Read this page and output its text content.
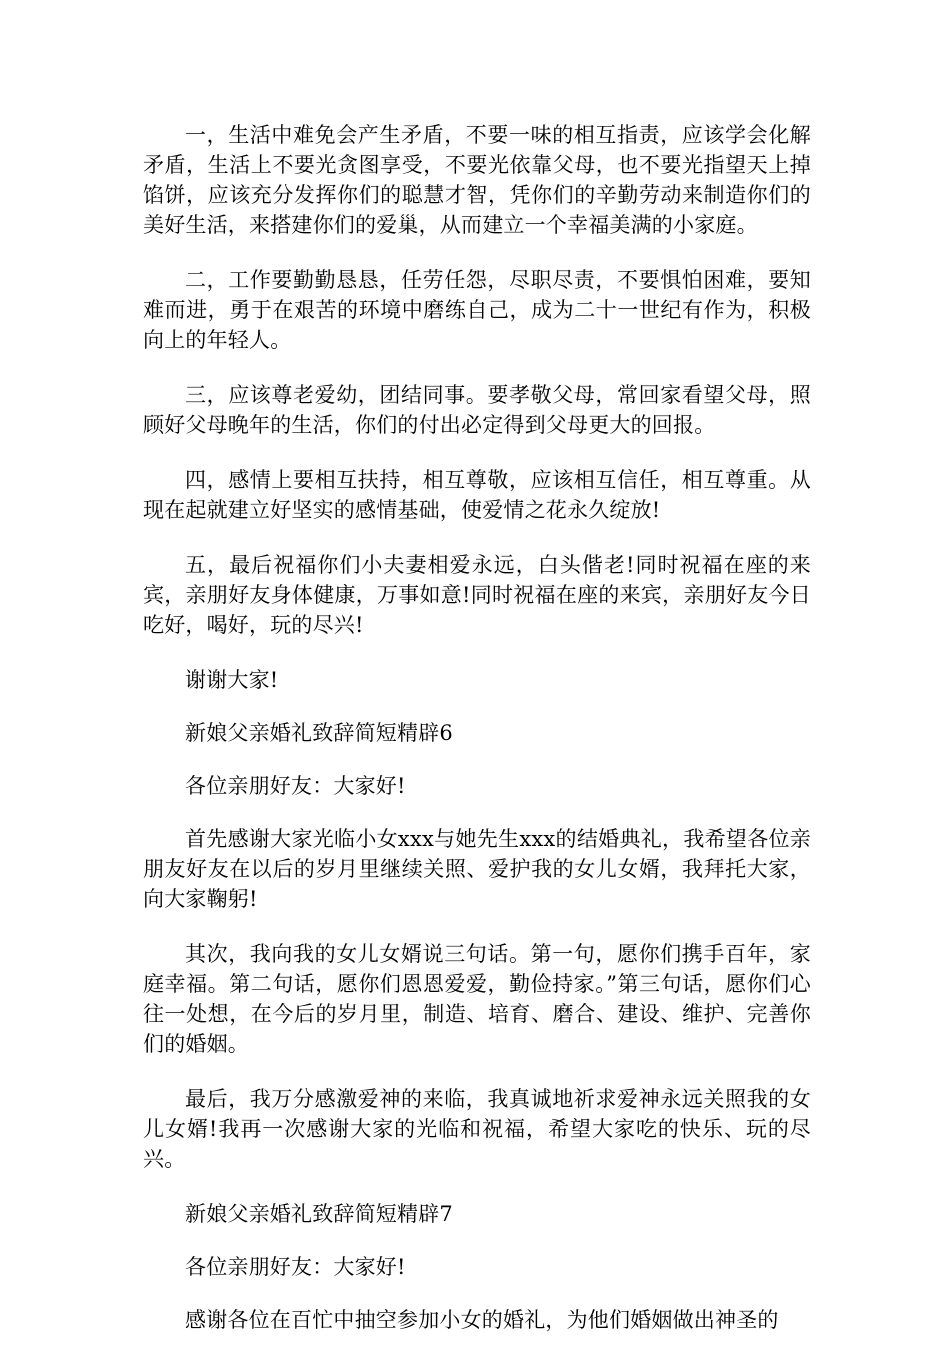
一，生活中难免会产生矛盾，不要一味的相互指责，应该学会化解矛盾，生活上不要光贪图享受，不要光依靠父母，也不要光指望天上掉馅饼，应该充分发挥你们的聪慧才智，凭你们的辛勤劳动来制造你们的美好生活，来搭建你们的爱巢，从而建立一个幸福美满的小家庭。

二，工作要勤勤恳恳，任劳任怨，尽职尽责，不要惧怕困难，要知难而进，勇于在艰苦的环境中磨练自己，成为二十一世纪有作为，积极向上的年轻人。

三，应该尊老爱幼，团结同事。要孝敬父母，常回家看望父母，照顾好父母晚年的生活，你们的付出必定得到父母更大的回报。

四，感情上要相互扶持，相互尊敬，应该相互信任，相互尊重。从现在起就建立好坚实的感情基础，使爱情之花永久绽放!

五，最后祝福你们小夫妻相爱永远，白头偕老!同时祝福在座的来宾，亲朋好友身体健康，万事如意!同时祝福在座的来宾，亲朋好友今日吃好，喝好，玩的尽兴!

谢谢大家!

新娘父亲婚礼致辞简短精辟6

各位亲朋好友：大家好!

首先感谢大家光临小女xxx与她先生xxx的结婚典礼，我希望各位亲朋友好友在以后的岁月里继续关照、爱护我的女儿女婿，我拜托大家，向大家鞠躬!

其次，我向我的女儿女婿说三句话。第一句，愿你们携手百年，家庭幸福。第二句话，愿你们恩恩爱爱，勤俭持家。”第三句话，愿你们心往一处想，在今后的岁月里，制造、培育、磨合、建设、维护、完善你们的婚姻。

最后，我万分感激爱神的来临，我真诚地祈求爱神永远关照我的女儿女婿!我再一次感谢大家的光临和祝福，希望大家吃的快乐、玩的尽兴。

新娘父亲婚礼致辞简短精辟7

各位亲朋好友：大家好!

感谢各位在百忙中抽空参加小女的婚礼，为他们婚姻做出神圣的
